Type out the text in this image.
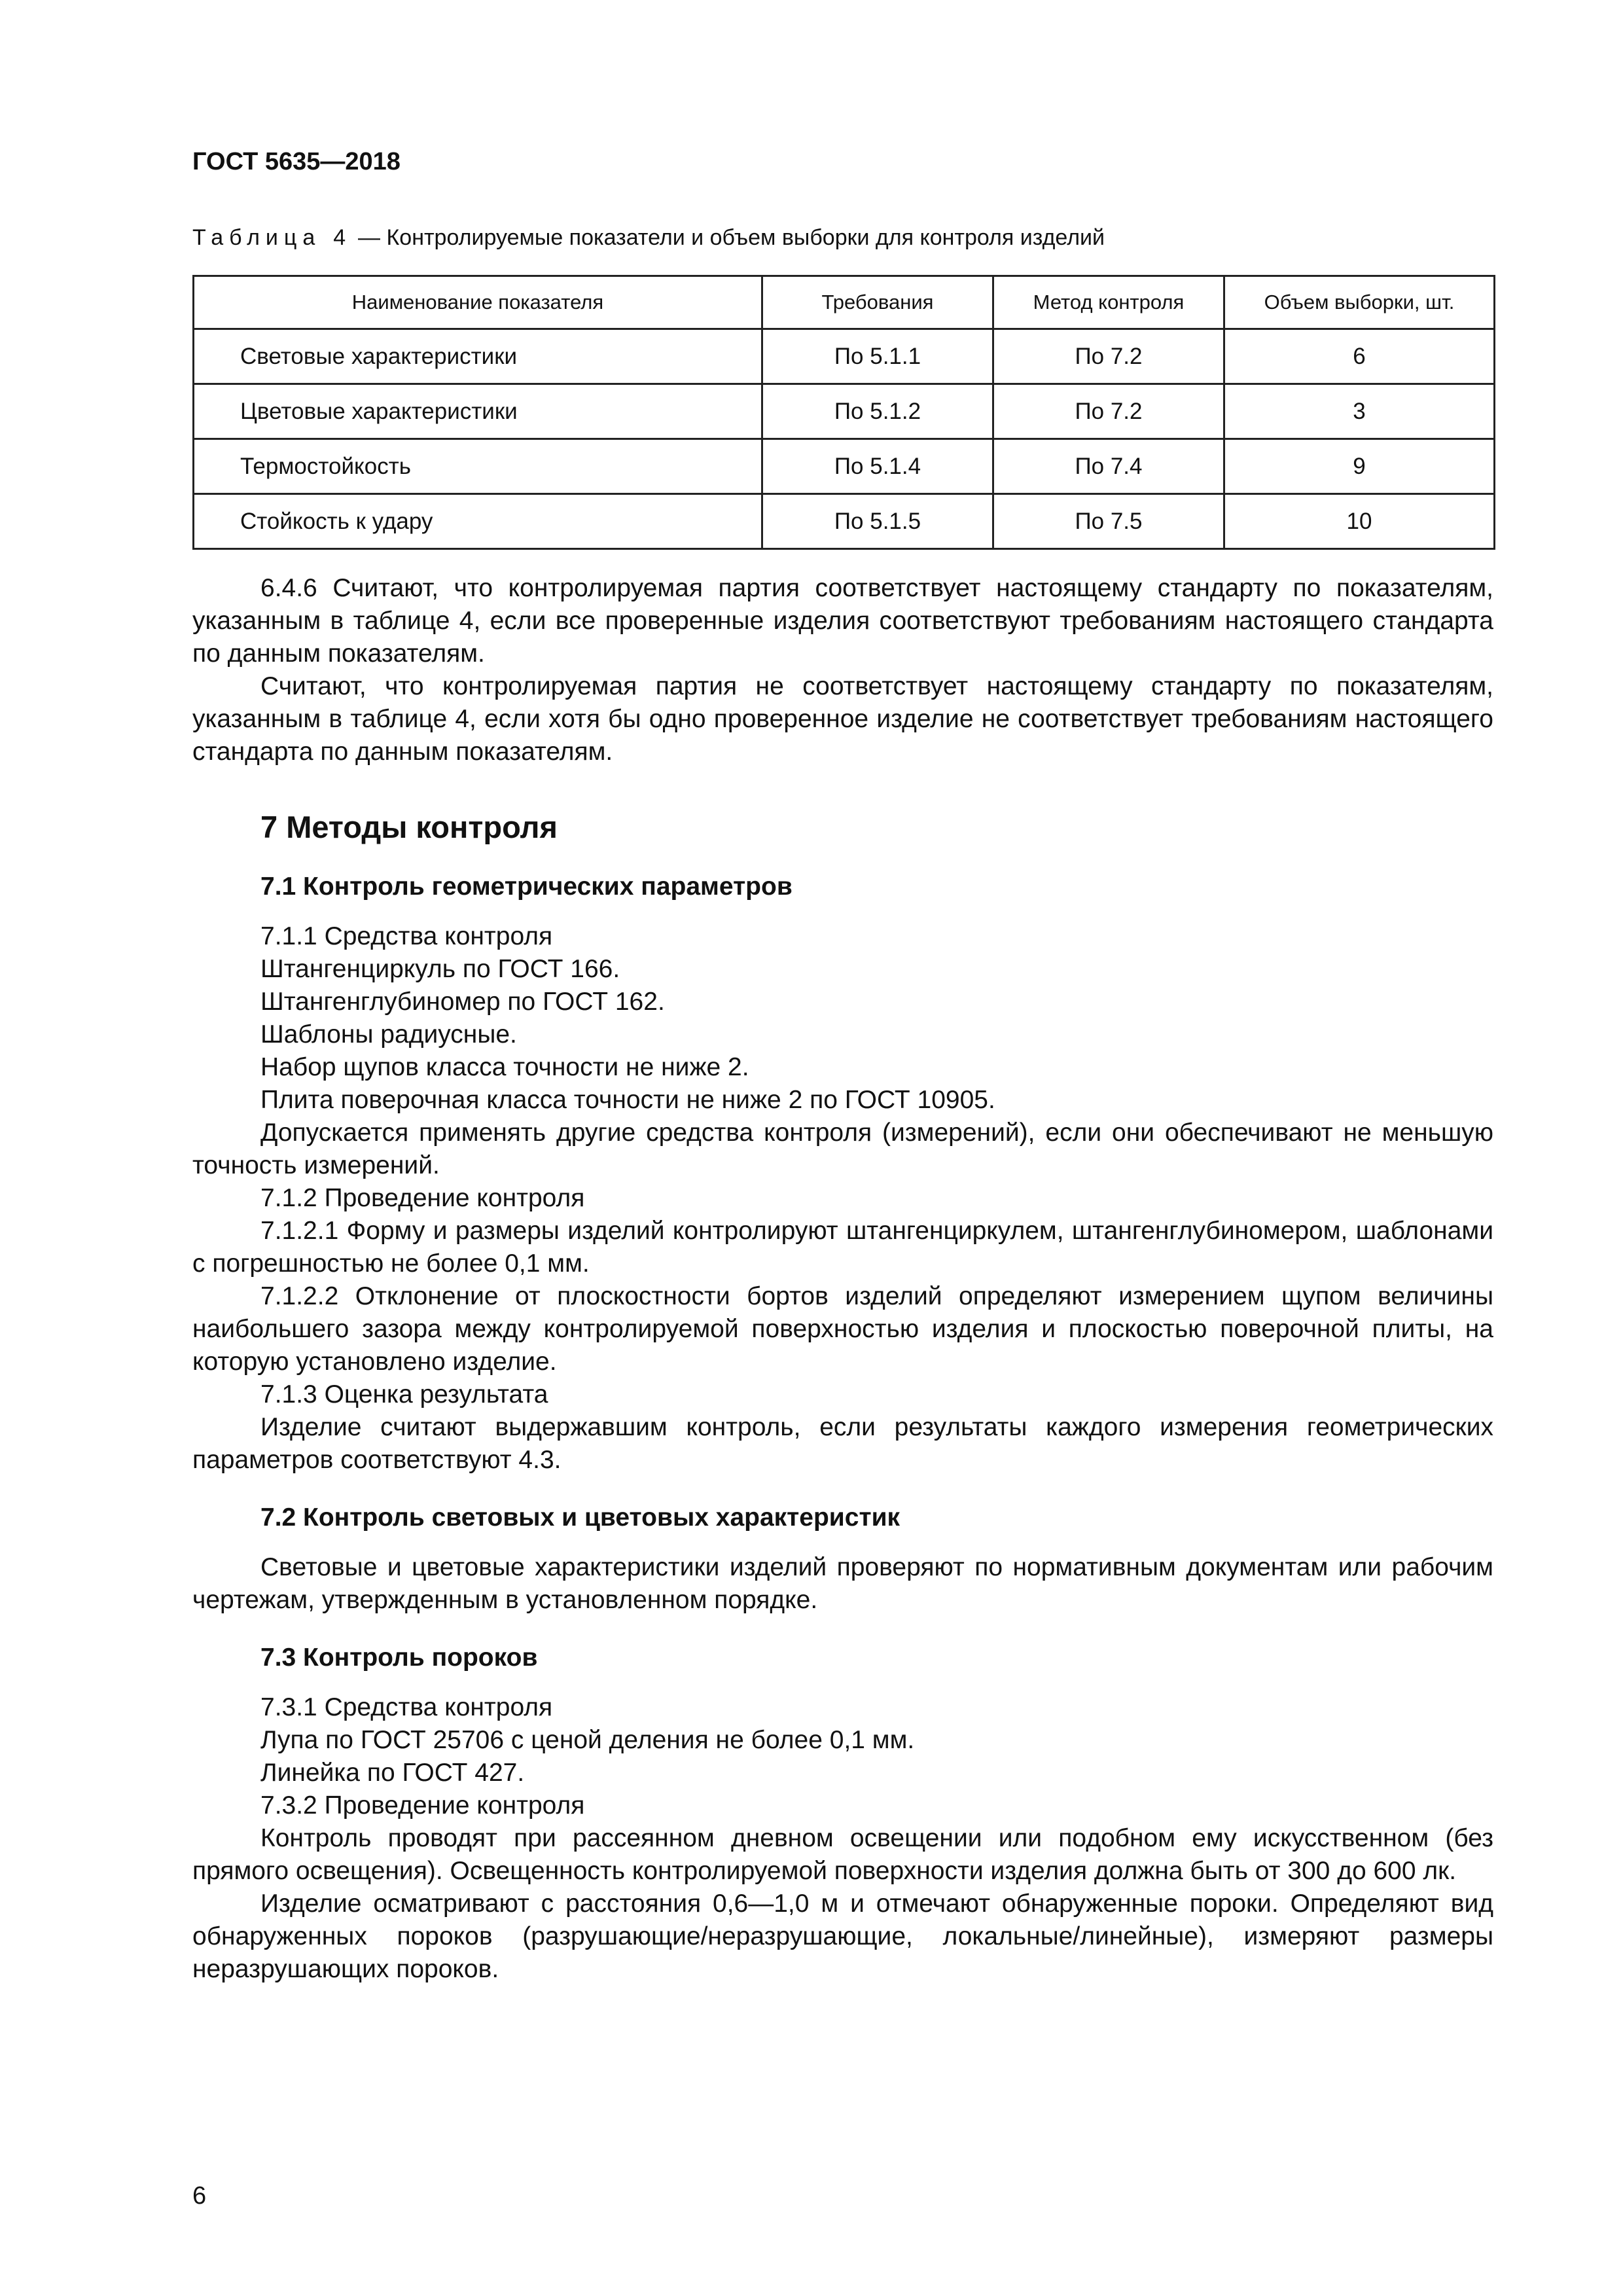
ГОСТ 5635—2018

Таблица 4 — Контролируемые показатели и объем выборки для контроля изделий

Наименование показателя	Требования	Метод контроля	Объем выборки, шт.
Световые характеристики	По 5.1.1	По 7.2	6
Цветовые характеристики	По 5.1.2	По 7.2	3
Термостойкость	По 5.1.4	По 7.4	9
Стойкость к удару	По 5.1.5	По 7.5	10

6.4.6 Считают, что контролируемая партия соответствует настоящему стандарту по показателям, указанным в таблице 4, если все проверенные изделия соответствуют требованиям настоящего стандарта по данным показателям.

Считают, что контролируемая партия не соответствует настоящему стандарту по показателям, указанным в таблице 4, если хотя бы одно проверенное изделие не соответствует требованиям настоящего стандарта по данным показателям.

7 Методы контроля
7.1 Контроль геометрических параметров

7.1.1 Средства контроля

Штангенциркуль по ГОСТ 166.

Штангенглубиномер по ГОСТ 162.

Шаблоны радиусные.

Набор щупов класса точности не ниже 2.

Плита поверочная класса точности не ниже 2 по ГОСТ 10905.

Допускается применять другие средства контроля (измерений), если они обеспечивают не меньшую точность измерений.

7.1.2 Проведение контроля

7.1.2.1 Форму и размеры изделий контролируют штангенциркулем, штангенглубиномером, шаблонами с погрешностью не более 0,1 мм.

7.1.2.2 Отклонение от плоскостности бортов изделий определяют измерением щупом величины наибольшего зазора между контролируемой поверхностью изделия и плоскостью поверочной плиты, на которую установлено изделие.

7.1.3 Оценка результата

Изделие считают выдержавшим контроль, если результаты каждого измерения геометрических параметров соответствуют 4.3.

7.2 Контроль световых и цветовых характеристик

Световые и цветовые характеристики изделий проверяют по нормативным документам или рабочим чертежам, утвержденным в установленном порядке.

7.3 Контроль пороков

7.3.1 Средства контроля

Лупа по ГОСТ 25706 с ценой деления не более 0,1 мм.

Линейка по ГОСТ 427.

7.3.2 Проведение контроля

Контроль проводят при рассеянном дневном освещении или подобном ему искусственном (без прямого освещения). Освещенность контролируемой поверхности изделия должна быть от 300 до 600 лк.

Изделие осматривают с расстояния 0,6—1,0 м и отмечают обнаруженные пороки. Определяют вид обнаруженных пороков (разрушающие/неразрушающие, локальные/линейные), измеряют размеры неразрушающих пороков.

6
